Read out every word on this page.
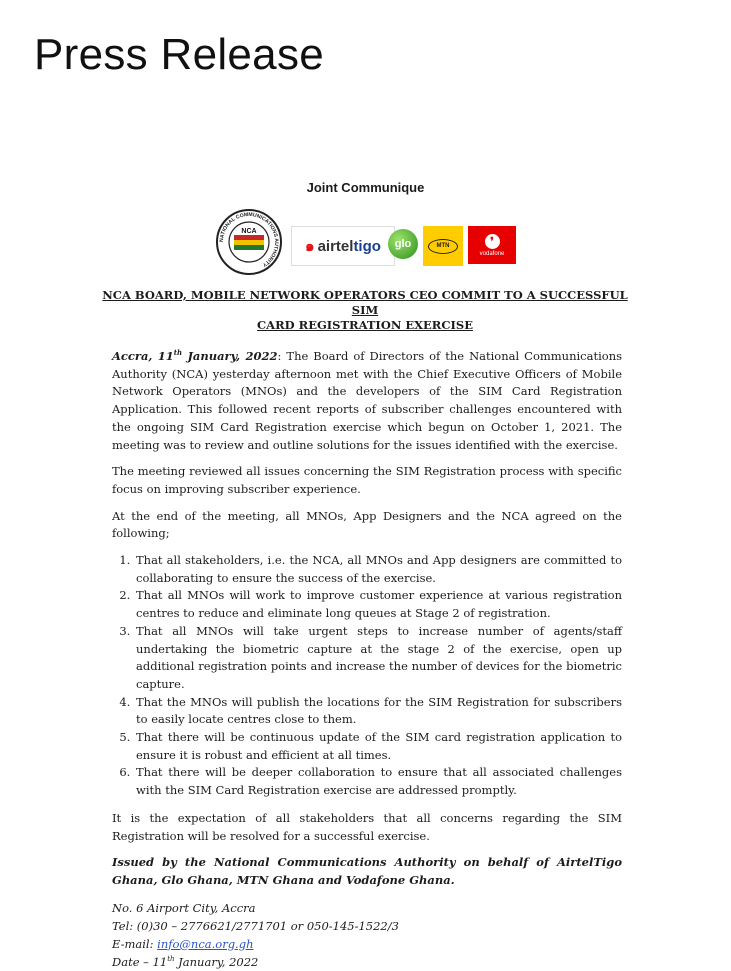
Press Release
Joint Communique
NATIONAL COMMUNICATIONS AUTHORITY
NCA
๑ airteltigo	glo	MTN	❜
vodafone
NCA BOARD, MOBILE NETWORK OPERATORS CEO COMMIT TO A SUCCESSFUL SIM
CARD REGISTRATION EXERCISE

Accra, 11th January, 2022: The Board of Directors of the National Communications Authority (NCA) yesterday afternoon met with the Chief Executive Officers of Mobile Network Operators (MNOs) and the developers of the SIM Card Registration Application. This followed recent reports of subscriber challenges encountered with the ongoing SIM Card Registration exercise which begun on October 1, 2021. The meeting was to review and outline solutions for the issues identified with the exercise.

The meeting reviewed all issues concerning the SIM Registration process with specific focus on improving subscriber experience.

At the end of the meeting, all MNOs, App Designers and the NCA agreed on the following;

1. That all stakeholders, i.e. the NCA, all MNOs and App designers are committed to collaborating to ensure the success of the exercise.
2. That all MNOs will work to improve customer experience at various registration centres to reduce and eliminate long queues at Stage 2 of registration.
3. That all MNOs will take urgent steps to increase number of agents/staff undertaking the biometric capture at the stage 2 of the exercise, open up additional registration points and increase the number of devices for the biometric capture.
4. That the MNOs will publish the locations for the SIM Registration for subscribers to easily locate centres close to them.
5. That there will be continuous update of the SIM card registration application to ensure it is robust and efficient at all times.
6. That there will be deeper collaboration to ensure that all associated challenges with the SIM Card Registration exercise are addressed promptly.

It is the expectation of all stakeholders that all concerns regarding the SIM Registration will be resolved for a successful exercise.

Issued by the National Communications Authority on behalf of AirtelTigo Ghana, Glo Ghana, MTN Ghana and Vodafone Ghana.

No. 6 Airport City, Accra
Tel: (0)30 – 2776621/2771701 or 050-145-1522/3
E-mail: info@nca.org.gh
Date – 11th January, 2022
